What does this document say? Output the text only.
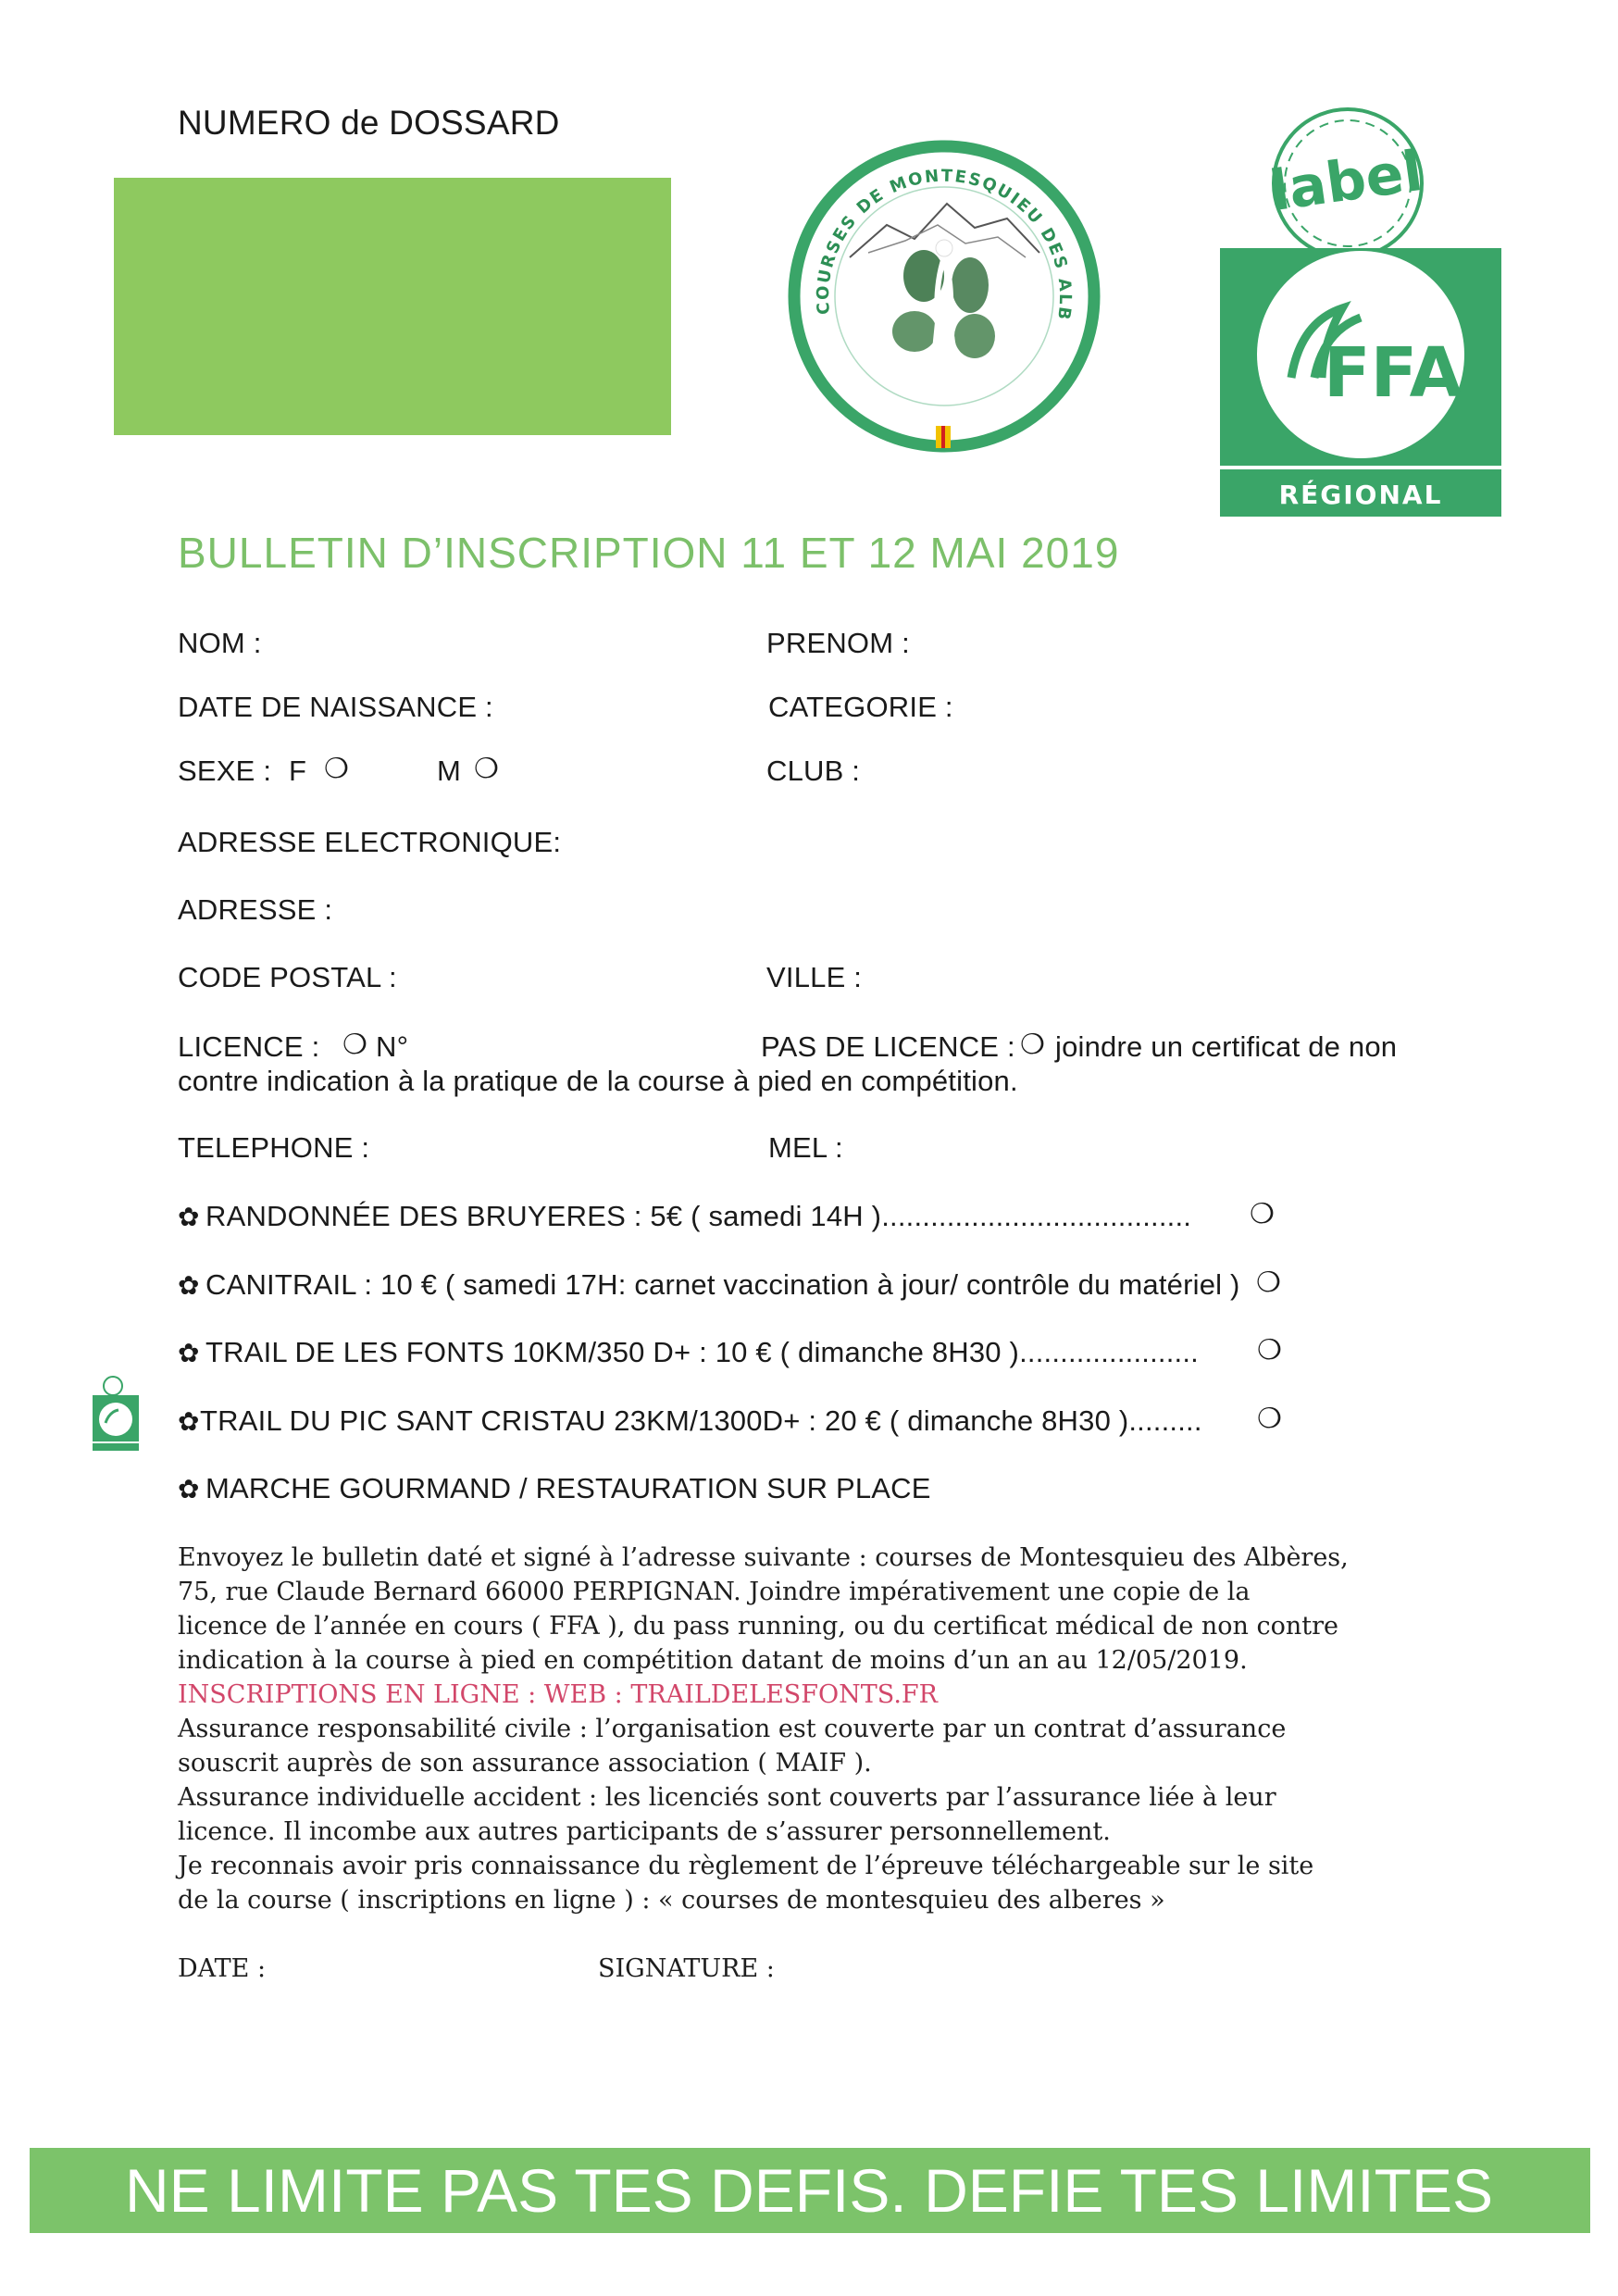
NUMERO de DOSSARD
COURSES DE MONTESQUIEU DES ALB
label
FFA
RÉGIONAL
BULLETIN D’INSCRIPTION 11 ET 12 MAI 2019
NOM :	PRENOM :
DATE DE NAISSANCE :	CATEGORIE :
SEXE : F ❍	M ❍	CLUB :
ADRESSE ELECTRONIQUE:
ADRESSE :
CODE POSTAL :	VILLE :
LICENCE : ❍ N°	PAS DE LICENCE : ❍ joindre un certificat de non
contre indication à la pratique de la course à pied en compétition.
TELEPHONE :	MEL :
✿ RANDONNÉE DES BRUYERES : 5€ ( samedi 14H )...................................... ❍
✿ CANITRAIL : 10 € ( samedi 17H: carnet vaccination à jour/ contrôle du matériel ) ❍
✿ TRAIL DE LES FONTS 10KM/350 D+ : 10 € ( dimanche 8H30 )...................... ❍
✿TRAIL DU PIC SANT CRISTAU 23KM/1300D+ : 20 € ( dimanche 8H30 )......... ❍
✿ MARCHE GOURMAND / RESTAURATION SUR PLACE
Envoyez le bulletin daté et signé à l’adresse suivante : courses de Montesquieu des Albères,
75, rue Claude Bernard 66000 PERPIGNAN. Joindre impérativement une copie de la
licence de l’année en cours ( FFA ), du pass running, ou du certificat médical de non contre
indication à la course à pied en compétition datant de moins d’un an au 12/05/2019.
INSCRIPTIONS EN LIGNE : WEB : TRAILDELESFONTS.FR
Assurance responsabilité civile : l’organisation est couverte par un contrat d’assurance
souscrit auprès de son assurance association ( MAIF ).
Assurance individuelle accident : les licenciés sont couverts par l’assurance liée à leur
licence. Il incombe aux autres participants de s’assurer personnellement.
Je reconnais avoir pris connaissance du règlement de l’épreuve téléchargeable sur le site
de la course ( inscriptions en ligne ) : « courses de montesquieu des alberes »
DATE :	SIGNATURE :
NE LIMITE PAS TES DEFIS. DEFIE TES LIMITES
